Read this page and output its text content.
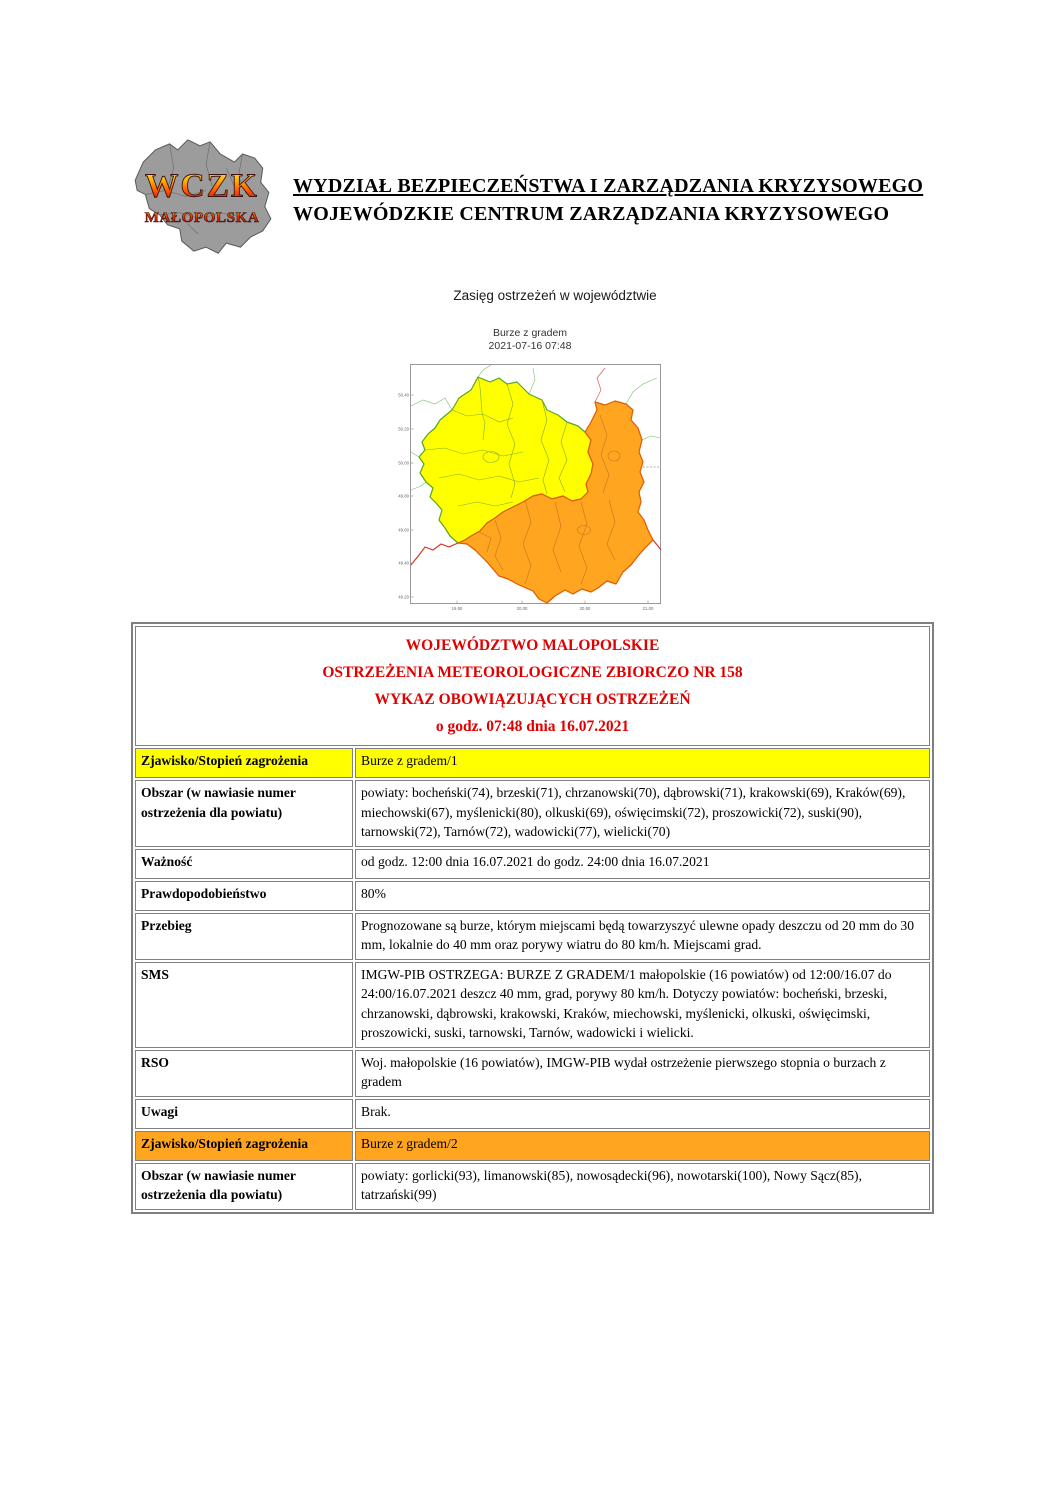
WCZK
MAŁOPOLSKA
WYDZIAŁ BEZPIECZEŃSTWA I ZARZĄDZANIA KRYZYSOWEGO
WOJEWÓDZKIE CENTRUM ZARZĄDZANIA KRYZYSOWEGO
Zasięg ostrzeżeń w województwie
Burze z gradem
2021-07-16 07:48
50.40
50.20
50.00
49.80
49.60
49.40
49.20
19.50	20.00	20.50	21.00
WOJEWÓDZTWO MALOPOLSKIE
OSTRZEŻENIA METEOROLOGICZNE ZBIORCZO NR 158
WYKAZ OBOWIĄZUJĄCYCH OSTRZEŻEŃ
o godz. 07:48 dnia 16.07.2021	

Zjawisko/Stopień zagrożenia	Burze z gradem/1
Obszar (w nawiasie numer ostrzeżenia dla powiatu)	powiaty: bocheński(74), brzeski(71), chrzanowski(70), dąbrowski(71), krakowski(69), Kraków(69), miechowski(67), myślenicki(80), olkuski(69), oświęcimski(72), proszowicki(72), suski(90), tarnowski(72), Tarnów(72), wadowicki(77), wielicki(70)
Ważność	od godz. 12:00 dnia 16.07.2021 do godz. 24:00 dnia 16.07.2021
Prawdopodobieństwo	80%
Przebieg	Prognozowane są burze, którym miejscami będą towarzyszyć ulewne opady deszczu od 20 mm do 30 mm, lokalnie do 40 mm oraz porywy wiatru do 80 km/h. Miejscami grad.
SMS	IMGW-PIB OSTRZEGA: BURZE Z GRADEM/1 małopolskie (16 powiatów) od 12:00/16.07 do 24:00/16.07.2021 deszcz 40 mm, grad, porywy 80 km/h. Dotyczy powiatów: bocheński, brzeski, chrzanowski, dąbrowski, krakowski, Kraków, miechowski, myślenicki, olkuski, oświęcimski, proszowicki, suski, tarnowski, Tarnów, wadowicki i wielicki.
RSO	Woj. małopolskie (16 powiatów), IMGW-PIB wydał ostrzeżenie pierwszego stopnia o burzach z gradem
Uwagi	Brak.
Zjawisko/Stopień zagrożenia	Burze z gradem/2
Obszar (w nawiasie numer ostrzeżenia dla powiatu)	powiaty: gorlicki(93), limanowski(85), nowosądecki(96), nowotarski(100), Nowy Sącz(85), tatrzański(99)
